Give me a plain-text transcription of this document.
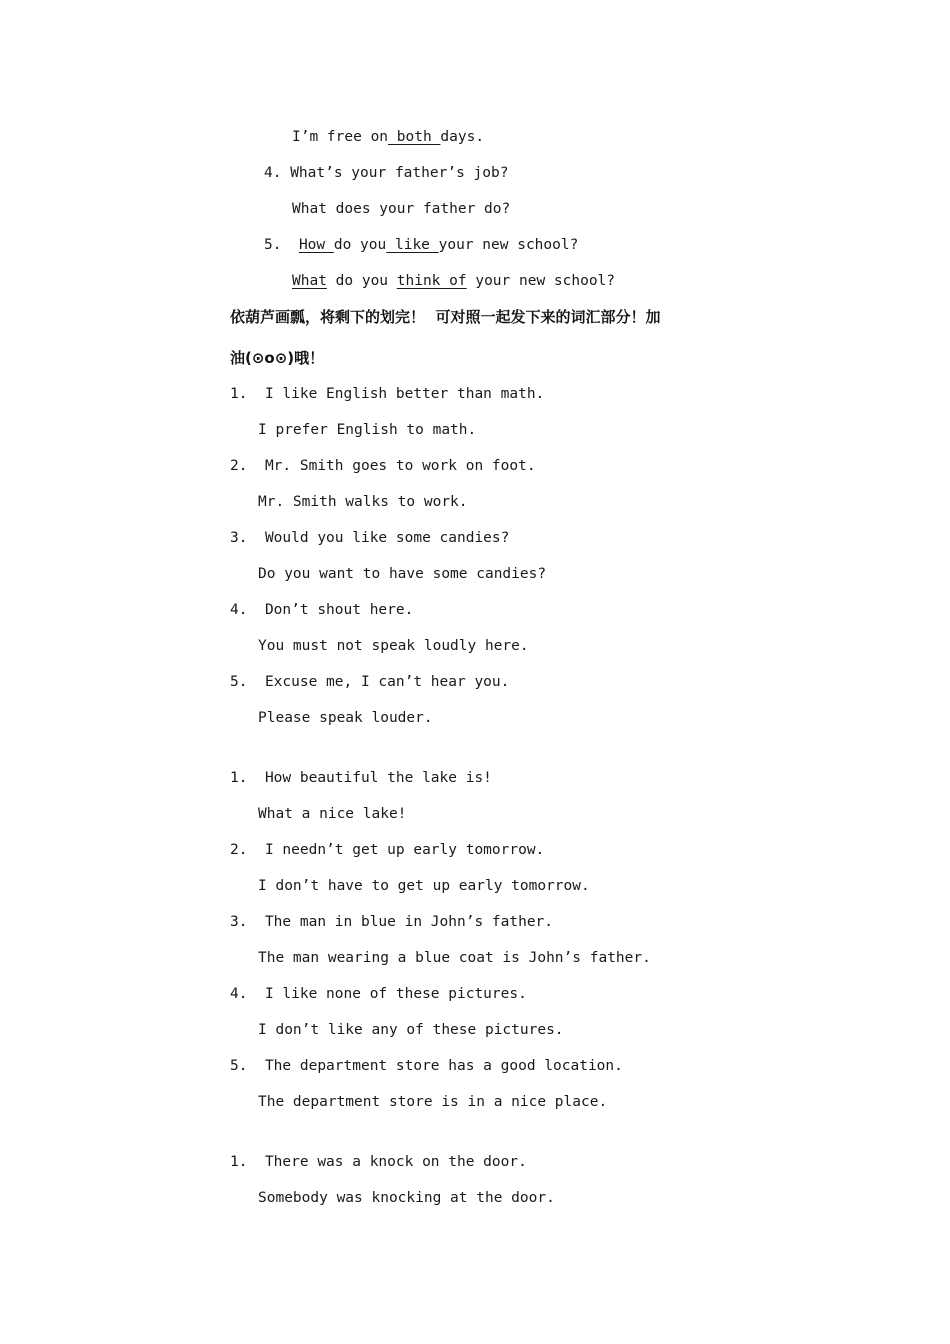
I’m free on both days.
4. What’s your father’s job?
What does your father do?
5. How do you like your new school?
What do you think of your new school?
依葫芦画瓢，将剩下的划完！  可对照一起发下来的词汇部分！加
油(⊙o⊙)哦！
1. I like English better than math.
I prefer English to math.
2. Mr. Smith goes to work on foot.
Mr. Smith walks to work.
3. Would you like some candies?
Do you want to have some candies?
4. Don’t shout here.
You must not speak loudly here.
5. Excuse me, I can’t hear you.
Please speak louder.
1. How beautiful the lake is!
What a nice lake!
2. I needn’t get up early tomorrow.
I don’t have to get up early tomorrow.
3. The man in blue in John’s father.
The man wearing a blue coat is John’s father.
4. I like none of these pictures.
I don’t like any of these pictures.
5. The department store has a good location.
The department store is in a nice place.
1. There was a knock on the door.
Somebody was knocking at the door.
